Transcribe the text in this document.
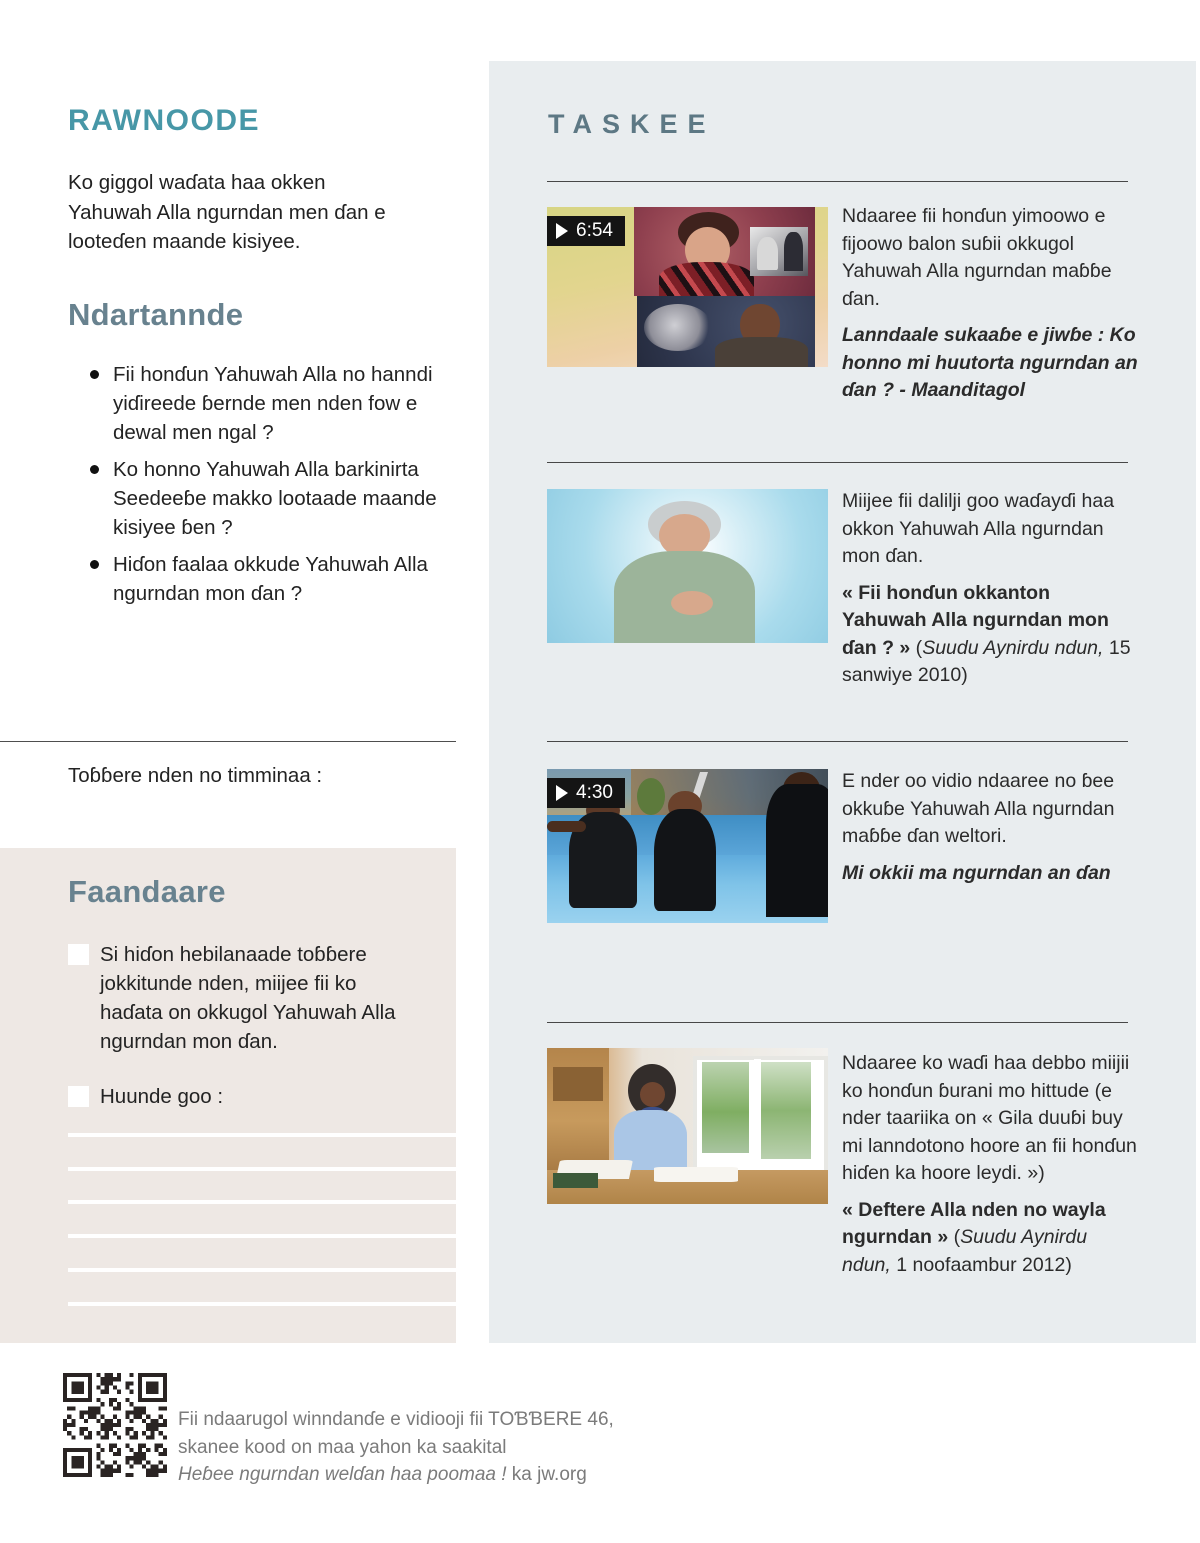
RAWNOODE

Ko giggol waɗata haa okken Yahuwah Alla ngurndan men ɗan e looteɗen maande kisiyee.

Ndartannde
Fii honɗun Yahuwah Alla no hanndi yiɗireede ɓernde men nden fow e dewal men ngal ?
Ko honno Yahuwah Alla barkinirta Seedeeɓe makko lootaade maande kisiyee ɓen ?
Hiɗon faalaa okkude Yahuwah Alla ngurndan mon ɗan ?

Toɓɓere nden no timminaa :

Faandaare

Si hiɗon hebilanaade toɓɓere jokkitunde nden, miijee fii ko haɗata on okkugol Yahuwah Alla ngurndan mon ɗan.

Huunde goo :

Fii ndaarugol winndanɗe e vidiooji fii TOƁƁERE 46,
skanee kood on maa yahon ka saakital
Heɓee ngurndan welɗan haa poomaa ! ka jw.org

TASKEE
6:54

Ndaaree fii honɗun yimoowo e fijoowo balon suɓii okkugol Yahuwah Alla ngurndan maɓɓe ɗan.

Lanndaale sukaaɓe e jiwɓe : Ko honno mi huutorta ngurndan an ɗan ? - Maanditagol

Miijee fii dalilji goo waɗayɗi haa okkon Yahuwah Alla ngurndan mon ɗan.

« Fii honɗun okkanton Yahuwah Alla ngurndan mon ɗan ? » (Suudu Aynirdu ndun, 15 sanwiye 2010)

4:30

E nder oo vidio ndaaree no ɓee okkuɓe Yahuwah Alla ngurndan maɓɓe ɗan weltori.

Mi okkii ma ngurndan an ɗan

Ndaaree ko waɗi haa debbo miijii ko honɗun ɓurani mo hittude (e nder taariika on « Gila duuɓi buy mi lanndotono hoore an fii honɗun hiɗen ka hoore leydi. »)

« Deftere Alla nden no wayla ngurndan » (Suudu Aynirdu ndun, 1 noofaambur 2012)
